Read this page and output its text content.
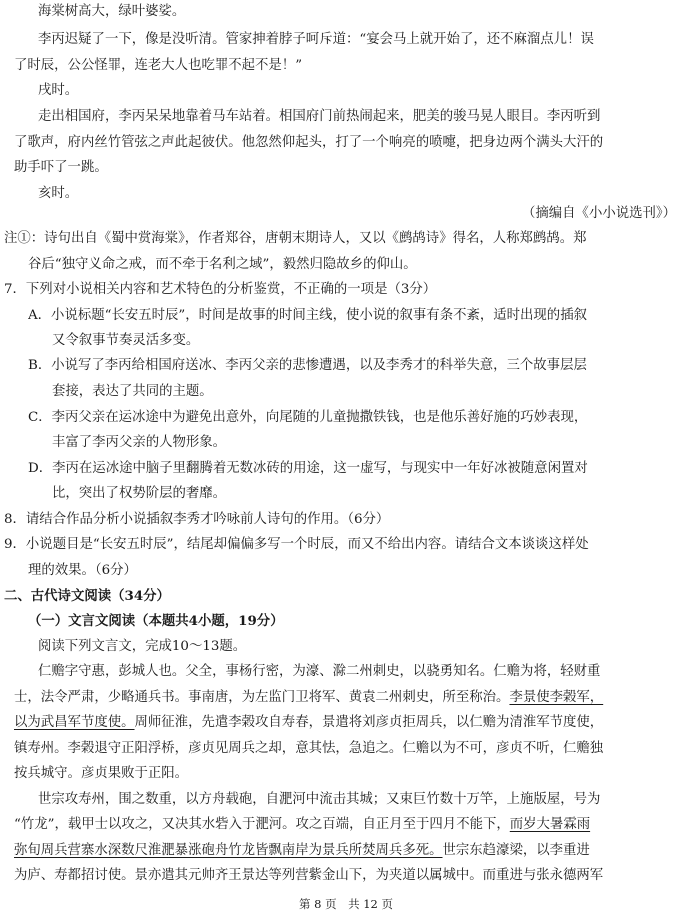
海棠树高大，绿叶婆娑。
李丙迟疑了一下，像是没听清。管家抻着脖子呵斥道：“宴会马上就开始了，还不麻溜点儿！误
了时辰，公公怪罪，连老大人也吃罪不起不是！”
戌时。
走出相国府，李丙呆呆地靠着马车站着。相国府门前热闹起来，肥美的骏马晃人眼目。李丙听到
了歌声，府内丝竹管弦之声此起彼伏。他忽然仰起头，打了一个响亮的喷嚏，把身边两个满头大汗的
助手吓了一跳。
亥时。
（摘编自《小小说选刊》）
注①：诗句出自《蜀中赏海棠》，作者郑谷，唐朝末期诗人，又以《鹧鸪诗》得名，人称郑鹧鸪。郑
谷后“独守义命之戒，而不牵于名利之域”，毅然归隐故乡的仰山。
7．下列对小说相关内容和艺术特色的分析鉴赏，不正确的一项是（3分）
A．小说标题“长安五时辰”，时间是故事的时间主线，使小说的叙事有条不紊，适时出现的插叙
又令叙事节奏灵活多变。
B．小说写了李丙给相国府送冰、李丙父亲的悲惨遭遇，以及李秀才的科举失意，三个故事层层
套接，表达了共同的主题。
C．李丙父亲在运冰途中为避免出意外，向尾随的儿童抛撒铁钱，也是他乐善好施的巧妙表现，
丰富了李丙父亲的人物形象。
D．李丙在运冰途中脑子里翻腾着无数冰砖的用途，这一虚写，与现实中一年好冰被随意闲置对
比，突出了权势阶层的奢靡。
8．请结合作品分析小说插叙李秀才吟咏前人诗句的作用。（6分）
9．小说题目是“长安五时辰”，结尾却偏偏多写一个时辰，而又不给出内容。请结合文本谈谈这样处
理的效果。（6分）
二、古代诗文阅读（34分）
（一）文言文阅读（本题共4小题，19分）
阅读下列文言文，完成10～13题。
仁赡字守惠，彭城人也。父全，事杨行密，为濠、滁二州刺史，以骁勇知名。仁赡为将，轻财重
士，法令严肃，少略通兵书。事南唐，为左监门卫将军、黄袁二州刺史，所至称治。李景使李榖军，
以为武昌军节度使。周师征淮，先遣李榖攻自寿春，景遣将刘彦贞拒周兵，以仁赡为清淮军节度使，
镇寿州。李榖退守正阳浮桥，彦贞见周兵之却，意其怯，急追之。仁赡以为不可，彦贞不听，仁赡独
按兵城守。彦贞果败于正阳。
世宗攻寿州，围之数重，以方舟载砲，自淝河中流击其城；又束巨竹数十万竿，上施版屋，号为
“竹龙”，载甲士以攻之，又决其水砦入于淝河。攻之百端，自正月至于四月不能下，而岁大暑霖雨
弥旬周兵营寨水深数尺淮淝暴涨砲舟竹龙皆飘南岸为景兵所焚周兵多死。世宗东趋濠梁，以李重进
为庐、寿都招讨使。景亦遣其元帅齐王景达等列营紫金山下，为夹道以属城中。而重进与张永德两军
第 8 页　共 12 页
